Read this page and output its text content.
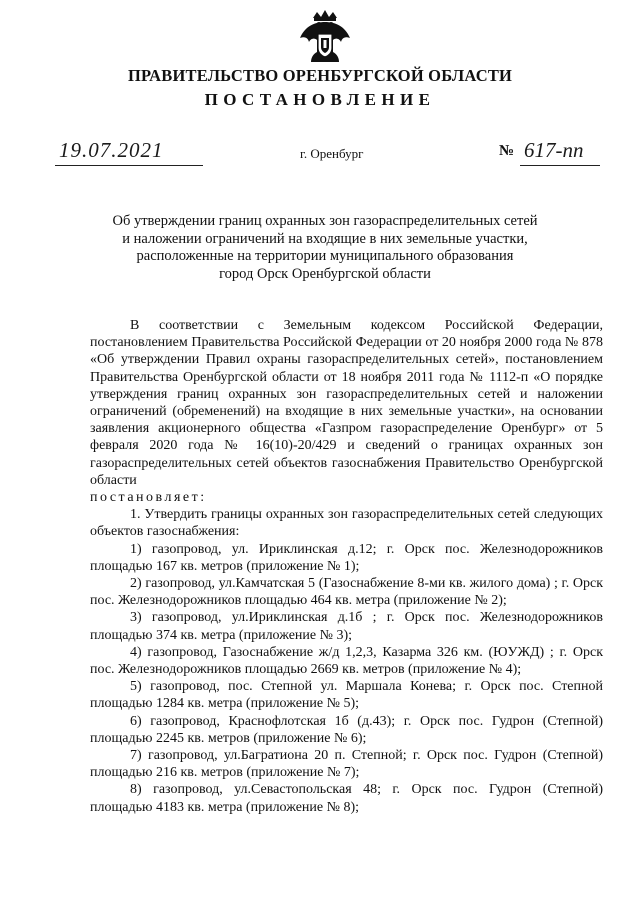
ПРАВИТЕЛЬСТВО ОРЕНБУРГСКОЙ ОБЛАСТИ
ПОСТАНОВЛЕНИЕ
19.07.2021	г. Оренбург	№ 617-пп
Об утверждении границ охранных зон газораспределительных сетей
и наложении ограничений на входящие в них земельные участки,
расположенные на территории муниципального образования
город Орск Оренбургской области

В соответствии с Земельным кодексом Российской Федерации, постановлением Правительства Российской Федерации от 20 ноября 2000 года № 878 «Об утверждении Правил охраны газораспределительных сетей», постановлением Правительства Оренбургской области от 18 ноября 2011 года № 1112-п «О порядке утверждения границ охранных зон газораспределительных сетей и наложении ограничений (обременений) на входящие в них земельные участки», на основании заявления акционерного общества «Газпром газораспределение Оренбург» от 5 февраля 2020 года № 16(10)-20/429 и сведений о границах охранных зон газораспределительных сетей объектов газоснабжения Правительство Оренбургской области

постановляет:

1. Утвердить границы охранных зон газораспределительных сетей следующих объектов газоснабжения:

1) газопровод, ул. Ириклинская д.12; г. Орск пос. Железнодорожников площадью 167 кв. метров (приложение № 1);

2) газопровод, ул.Камчатская 5 (Газоснабжение 8-ми кв. жилого дома) ; г. Орск пос. Железнодорожников площадью 464 кв. метра (приложение № 2);

3) газопровод, ул.Ириклинская д.1б ; г. Орск пос. Железнодорожников площадью 374 кв. метра (приложение № 3);

4) газопровод, Газоснабжение ж/д 1,2,3, Казарма 326 км. (ЮУЖД) ; г. Орск пос. Железнодорожников площадью 2669 кв. метров (приложение № 4);

5) газопровод, пос. Степной ул. Маршала Конева; г. Орск пос. Степной площадью 1284 кв. метра (приложение № 5);

6) газопровод, Краснофлотская 1б (д.43); г. Орск пос. Гудрон (Степной) площадью 2245 кв. метров (приложение № 6);

7) газопровод, ул.Багратиона 20 п. Степной; г. Орск пос. Гудрон (Степной) площадью 216 кв. метров (приложение № 7);

8) газопровод, ул.Севастопольская 48; г. Орск пос. Гудрон (Степной) площадью 4183 кв. метра (приложение № 8);
